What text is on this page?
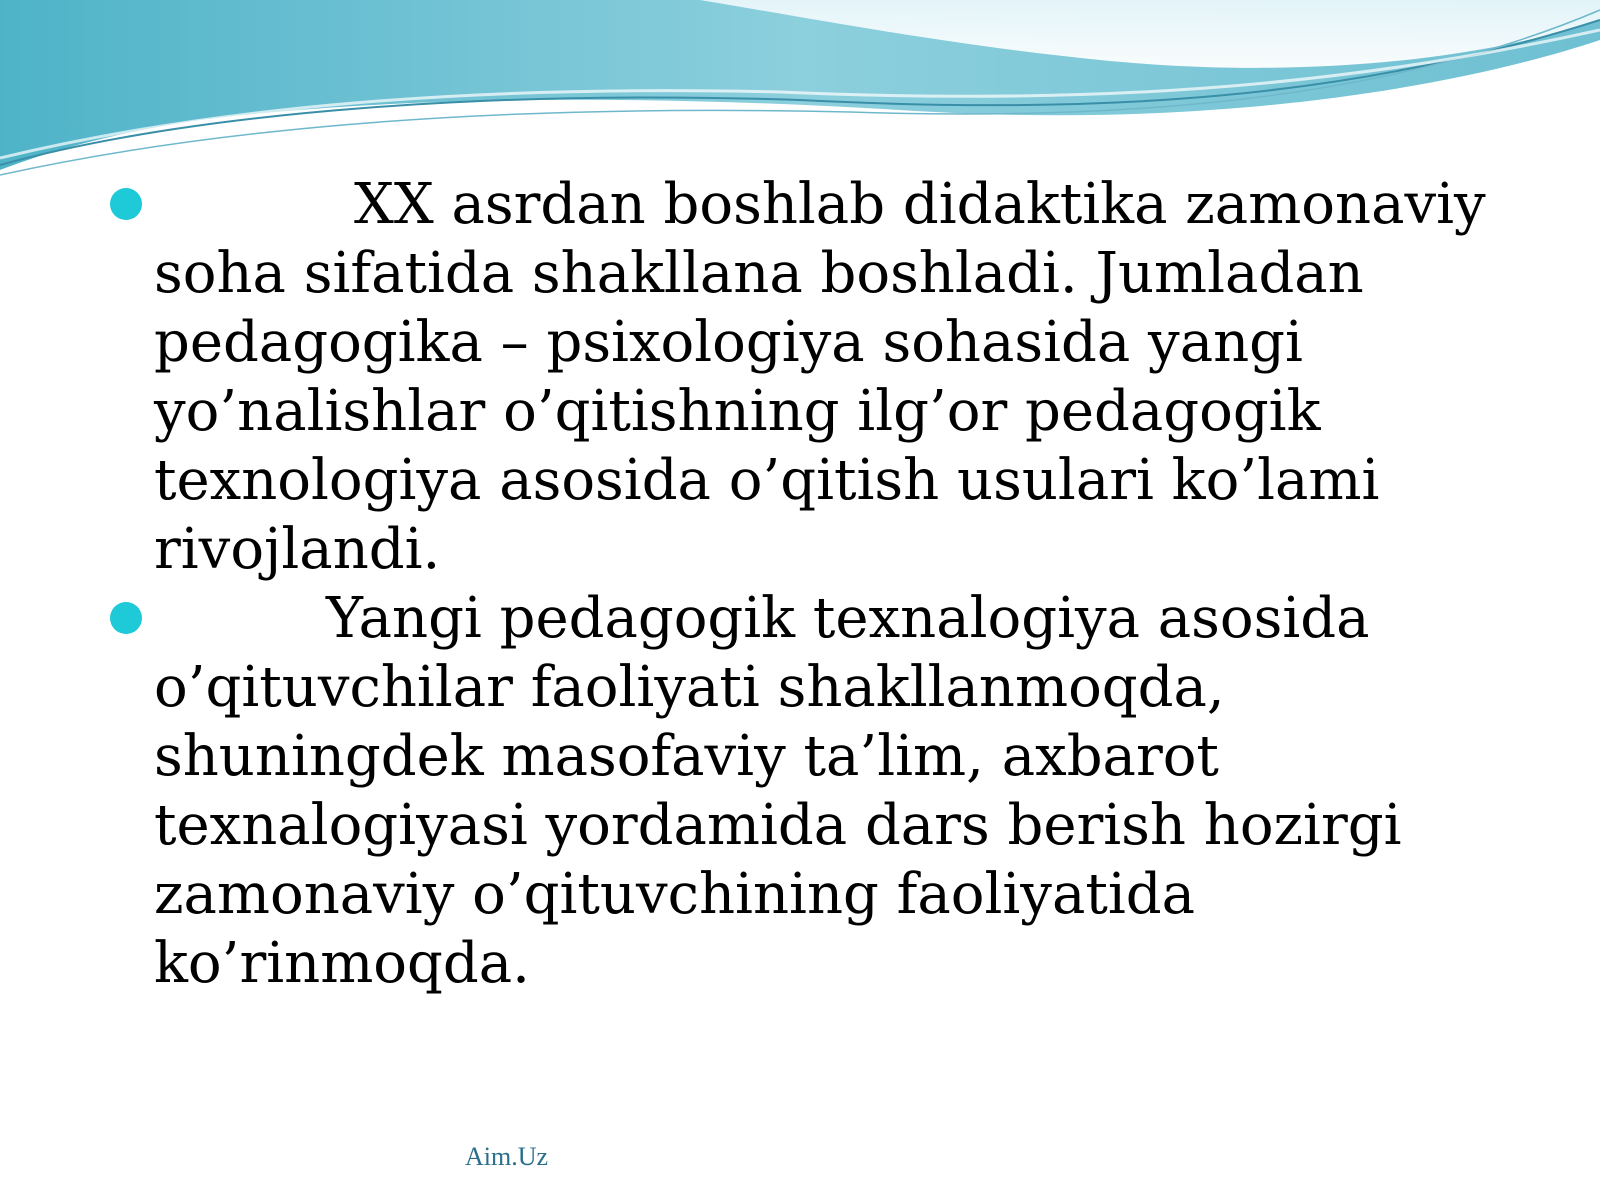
XX asrdan boshlab didaktika zamonaviy soha sifatida shakllana boshladi. Jumladan pedagogika – psixologiya sohasida yangi yo’nalishlar o’qitishning ilg’or pedagogik texnologiya asosida o’qitish usulari ko’lami rivojlandi.
Yangi pedagogik texnalogiya asosida o’qituvchilar faoliyati shakllanmoqda, shuningdek masofaviy ta’lim, axbarot texnalogiyasi yordamida dars berish hozirgi zamonaviy o’qituvchining faoliyatida ko’rinmoqda.
Aim.Uz
